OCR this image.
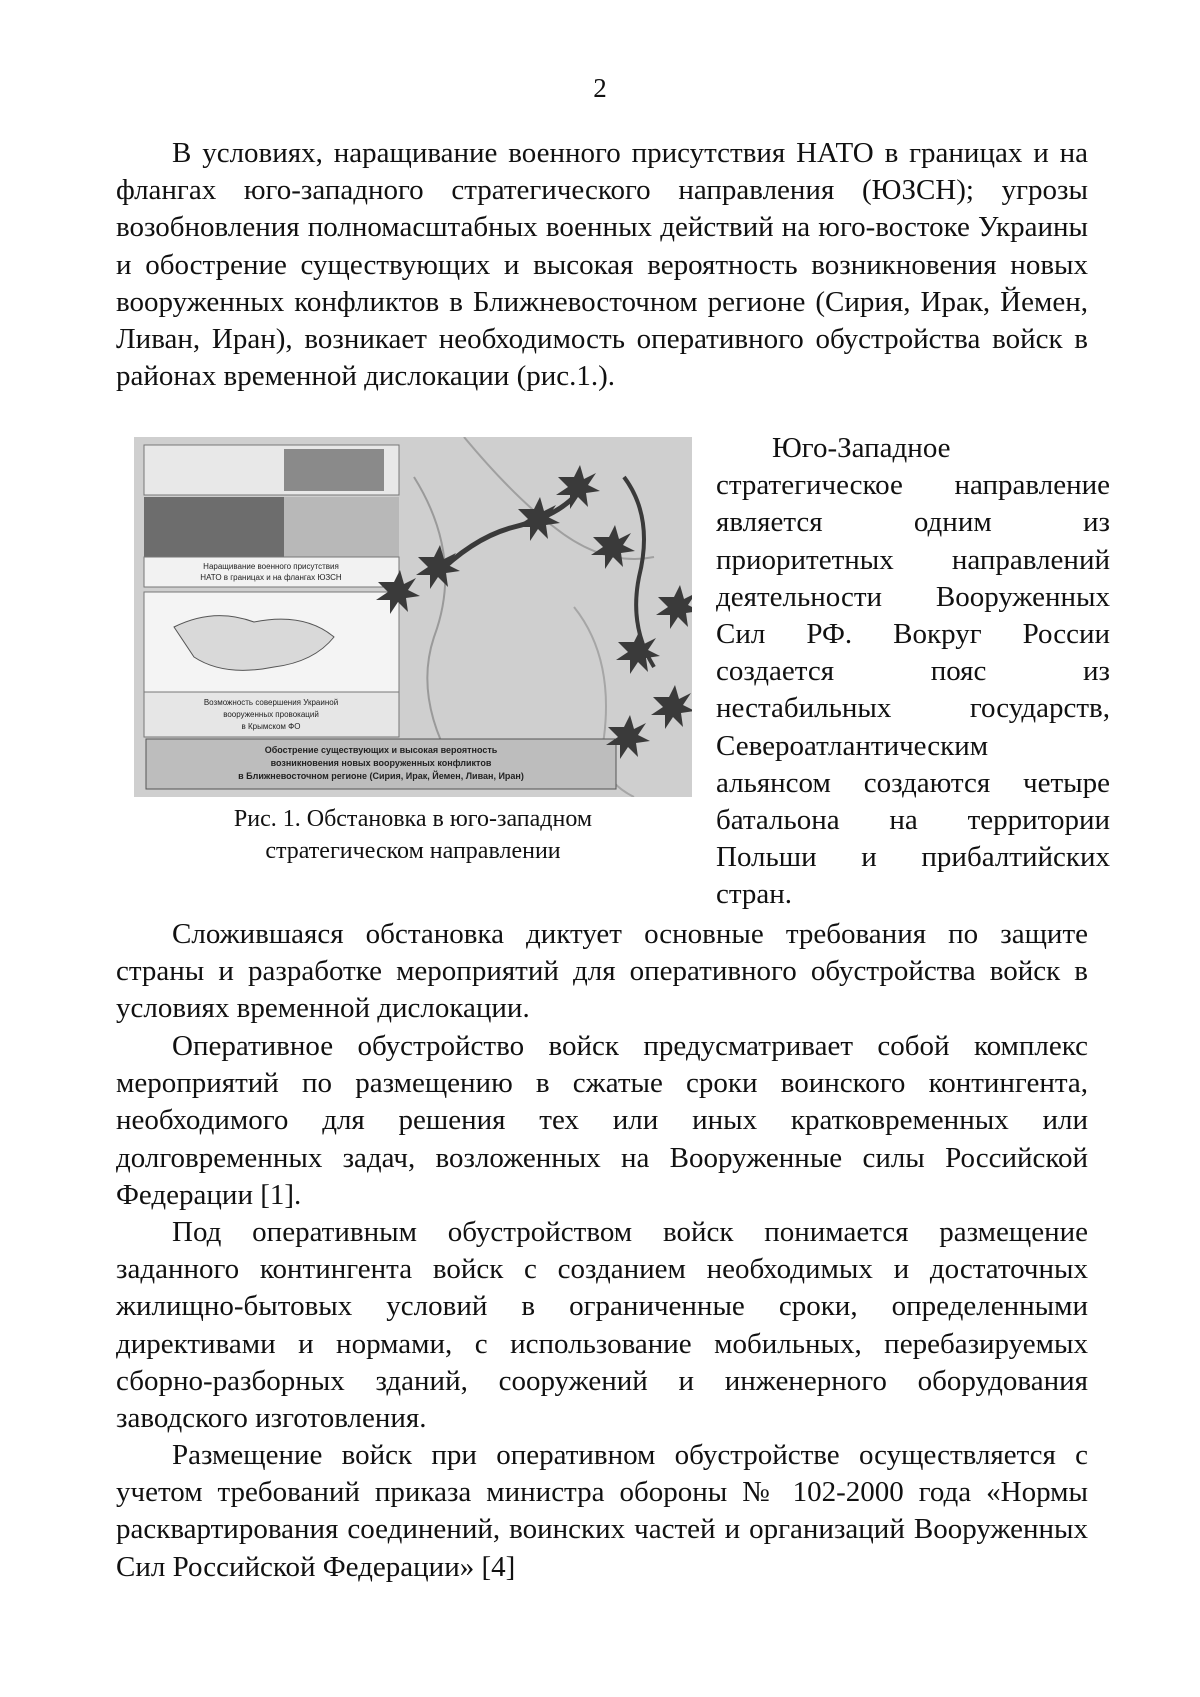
2

В условиях, наращивание военного присутствия НАТО в границах и на флангах юго-западного стратегического направления (ЮЗСН); угрозы возобновления полномасштабных военных действий на юго-востоке Украины и обострение существующих и высокая вероятность возникновения новых вооруженных конфликтов в Ближневосточном регионе (Сирия, Ирак, Йемен, Ливан, Иран), возникает необходимость оперативного обустройства войск в районах временной дислокации (рис.1.).

Наращивание военного присутствия
НАТО в границах и на флангах ЮЗСН
Возможность совершения Украиной
вооруженных провокаций
в Крымском ФО
Обострение существующих и высокая вероятность
возникновения новых вооруженных конфликтов
в Ближневосточном регионе (Сирия, Ирак, Йемен, Ливан, Иран)
Рис. 1. Обстановка в юго-западном
стратегическом направлении

Юго-Западное стратегическое направление является одним из приоритетных направлений деятельности Вооруженных Сил РФ. Вокруг России создается пояс из нестабильных государств, Североатлантическим альянсом создаются четыре батальона на территории Польши и прибалтийских стран.

Сложившаяся обстановка диктует основные требования по защите страны и разработке мероприятий для оперативного обустройства войск в условиях временной дислокации.

Оперативное обустройство войск предусматривает собой комплекс мероприятий по размещению в сжатые сроки воинского контингента, необходимого для решения тех или иных кратковременных или долговременных задач, возложенных на Вооруженные силы Российской Федерации [1].

Под оперативным обустройством войск понимается размещение заданного контингента войск с созданием необходимых и достаточных жилищно-бытовых условий в ограниченные сроки, определенными директивами и нормами, с использование мобильных, перебазируемых сборно-разборных зданий, сооружений и инженерного оборудования заводского изготовления.

Размещение войск при оперативном обустройстве осуществляется с учетом требований приказа министра обороны № 102-2000 года «Нормы расквартирования соединений, воинских частей и организаций Вооруженных Сил Российской Федерации» [4]
